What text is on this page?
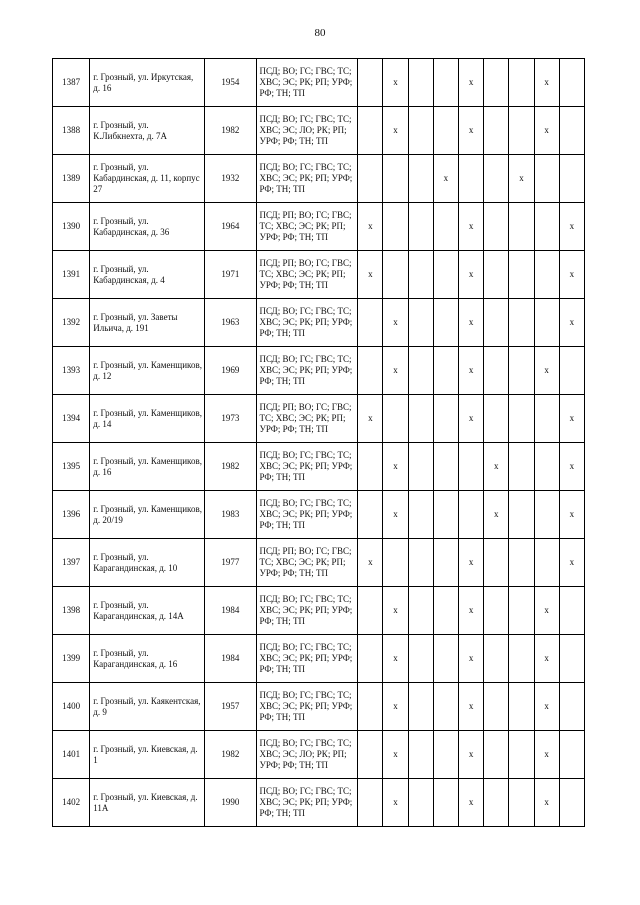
80
1387	г. Грозный, ул. Иркутская, д. 16	1954	ПСД; ВО; ГС; ГВС; ТС; ХВС; ЭС; РК; РП; УРФ; РФ; ТН; ТП		x			x			x	
1388	г. Грозный, ул. К.Либкнехта, д. 7А	1982	ПСД; ВО; ГС; ГВС; ТС; ХВС; ЭС; ЛО; РК; РП; УРФ; РФ; ТН; ТП		x			x			x	
1389	г. Грозный, ул. Кабардинская, д. 11, корпус 27	1932	ПСД; ВО; ГС; ГВС; ТС; ХВС; ЭС; РК; РП; УРФ; РФ; ТН; ТП				x			x		
1390	г. Грозный, ул. Кабардинская, д. 36	1964	ПСД; РП; ВО; ГС; ГВС; ТС; ХВС; ЭС; РК; РП; УРФ; РФ; ТН; ТП	x				x				x
1391	г. Грозный, ул. Кабардинская, д. 4	1971	ПСД; РП; ВО; ГС; ГВС; ТС; ХВС; ЭС; РК; РП; УРФ; РФ; ТН; ТП	x				x				x
1392	г. Грозный, ул. Заветы Ильича, д. 191	1963	ПСД; ВО; ГС; ГВС; ТС; ХВС; ЭС; РК; РП; УРФ; РФ; ТН; ТП		x			x				x
1393	г. Грозный, ул. Каменщиков, д. 12	1969	ПСД; ВО; ГС; ГВС; ТС; ХВС; ЭС; РК; РП; УРФ; РФ; ТН; ТП		x			x			x	
1394	г. Грозный, ул. Каменщиков, д. 14	1973	ПСД; РП; ВО; ГС; ГВС; ТС; ХВС; ЭС; РК; РП; УРФ; РФ; ТН; ТП	x				x				x
1395	г. Грозный, ул. Каменщиков, д. 16	1982	ПСД; ВО; ГС; ГВС; ТС; ХВС; ЭС; РК; РП; УРФ; РФ; ТН; ТП		x				x			x
1396	г. Грозный, ул. Каменщиков, д. 20/19	1983	ПСД; ВО; ГС; ГВС; ТС; ХВС; ЭС; РК; РП; УРФ; РФ; ТН; ТП		x				x			x
1397	г. Грозный, ул. Карагандинская, д. 10	1977	ПСД; РП; ВО; ГС; ГВС; ТС; ХВС; ЭС; РК; РП; УРФ; РФ; ТН; ТП	x				x				x
1398	г. Грозный, ул. Карагандинская, д. 14А	1984	ПСД; ВО; ГС; ГВС; ТС; ХВС; ЭС; РК; РП; УРФ; РФ; ТН; ТП		x			x			x	
1399	г. Грозный, ул. Карагандинская, д. 16	1984	ПСД; ВО; ГС; ГВС; ТС; ХВС; ЭС; РК; РП; УРФ; РФ; ТН; ТП		x			x			x	
1400	г. Грозный, ул. Каякентская, д. 9	1957	ПСД; ВО; ГС; ГВС; ТС; ХВС; ЭС; РК; РП; УРФ; РФ; ТН; ТП		x			x			x	
1401	г. Грозный, ул. Киевская, д. 1	1982	ПСД; ВО; ГС; ГВС; ТС; ХВС; ЭС; ЛО; РК; РП; УРФ; РФ; ТН; ТП		x			x			x	
1402	г. Грозный, ул. Киевская, д. 11А	1990	ПСД; ВО; ГС; ГВС; ТС; ХВС; ЭС; РК; РП; УРФ; РФ; ТН; ТП		x			x			x	
